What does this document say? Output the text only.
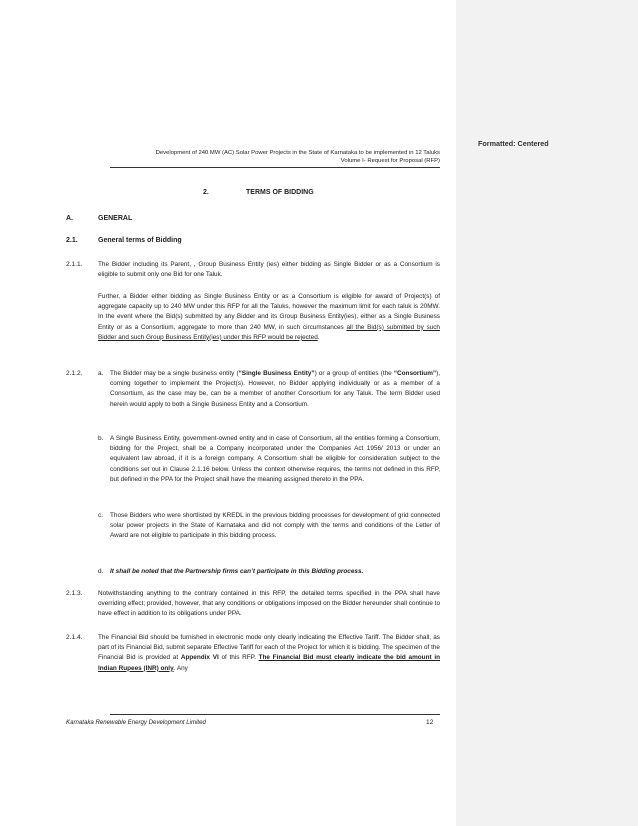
Formatted: Centered
Development of 240 MW (AC) Solar Power Projects in the State of Karnataka to be implemented in 12 Taluks
Volume I- Request for Proposal (RFP)
2.	TERMS OF BIDDING
A.	GENERAL
2.1.	General terms of Bidding
2.1.1. The Bidder including its Parent, , Group Business Entity (ies) either bidding as Single Bidder or as a Consortium is eligible to submit only one Bid for one Taluk.

Further, a Bidder either bidding as Single Business Entity or as a Consortium is eligible for award of Project(s) of aggregate capacity up to 240 MW under this RFP for all the Taluks, however the maximum limit for each taluk is 20MW. In the event where the Bid(s) submitted by any Bidder and its Group Business Entity(ies), either as a Single Business Entity or as a Consortium, aggregate to more than 240 MW, in such circumstances all the Bid(s) submitted by such Bidder and such Group Business Entity(ies) under this RFP would be rejected.

2.1.2. a. The Bidder may be a single business entity (“Single Business Entity”) or a group of entities (the “Consortium”), coming together to implement the Project(s). However, no Bidder applying individually or as a member of a Consortium, as the case may be, can be a member of another Consortium for any Taluk. The term Bidder used herein would apply to both a Single Business Entity and a Consortium.

b. A Single Business Entity, government-owned entity and in case of Consortium, all the entities forming a Consortium, bidding for the Project, shall be a Company incorporated under the Companies Act 1956/ 2013 or under an equivalent law abroad, if it is a foreign company. A Consortium shall be eligible for consideration subject to the conditions set out in Clause 2.1.16 below. Unless the context otherwise requires, the terms not defined in this RFP, but defined in the PPA for the Project shall have the meaning assigned thereto in the PPA.

c. Those Bidders who were shortlisted by KREDL in the previous bidding processes for development of grid connected solar power projects in the State of Karnataka and did not comply with the terms and conditions of the Letter of Award are not eligible to participate in this bidding process.

d. It shall be noted that the Partnership firms can’t participate in this Bidding process.

2.1.3. Notwithstanding anything to the contrary contained in this RFP, the detailed terms specified in the PPA shall have overriding effect; provided, however, that any conditions or obligations imposed on the Bidder hereunder shall continue to have effect in addition to its obligations under PPA.

2.1.4. The Financial Bid should be furnished in electronic mode only clearly indicating the Effective Tariff. The Bidder shall, as part of its Financial Bid, submit separate Effective Tariff for each of the Project for which it is bidding. The specimen of the Financial Bid is provided at Appendix VI of this RFP. The Financial Bid must clearly indicate the bid amount in Indian Rupees (INR) only. Any

Karnataka Renewable Energy Development Limited	12
